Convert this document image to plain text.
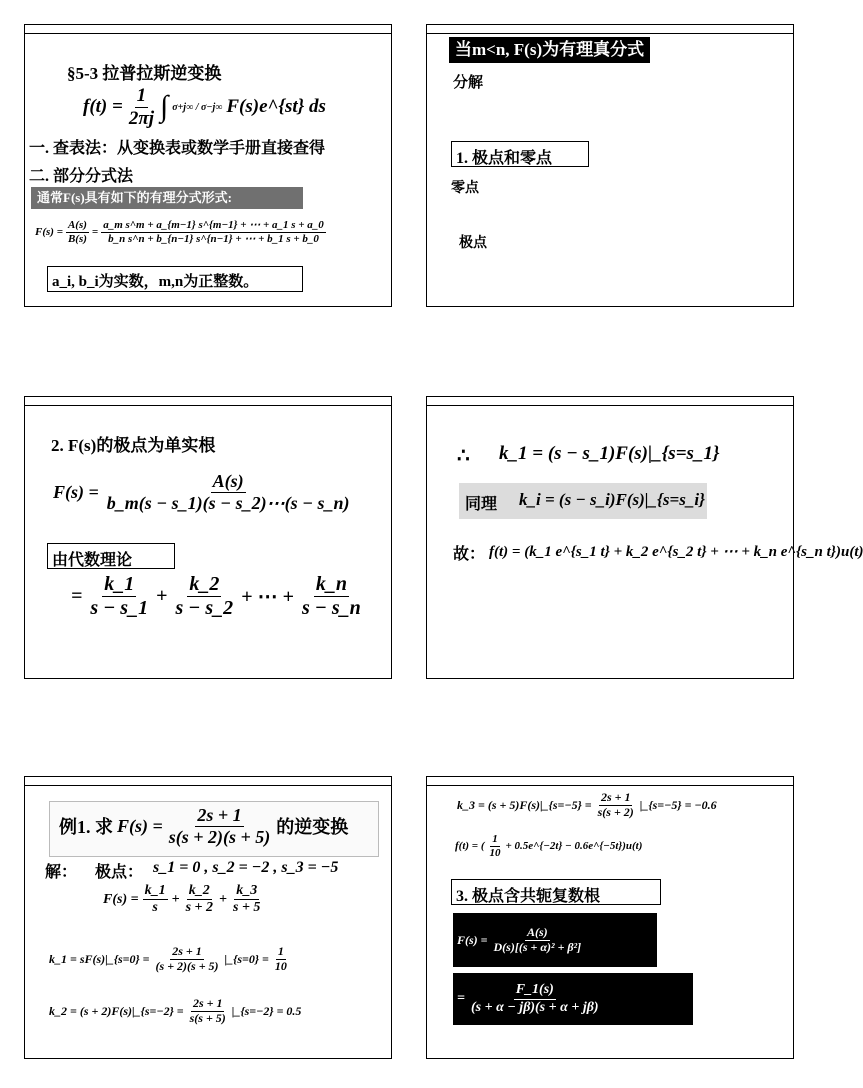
§5-3 拉普拉斯逆变换
$f(t) = \frac{1}{2\pi j}$ ∫ σ+j∞ / σ−j∞ F(s)e^{st} ds
一. 查表法：从变换表或数学手册直接查得
二. 部分分式法
通常F(s)具有如下的有理分式形式:
$F(s) = \frac{A(s)}{B(s)} = \frac{\text{a\_m s\textasciicircum{}m + a\_\{m−1\} s\textasciicircum{}\{m−1\} + ⋯ + a\_1 s + a\_0}}{\text{b\_n s\textasciicircum{}n + b\_\{n−1\} s\textasciicircum{}\{n−1\} + ⋯ + b\_1 s + b\_0}}$
a_i, b_i为实数，m,n为正整数。
当m<n, F(s)为有理真分式
分解
1. 极点和零点
零点
极点
2. F(s)的极点为单实根
$F(s) = \frac{A(s)}{b\_m(s - s\_1)(s - s\_2)\cdots(s - s\_n)}$
由代数理论
= $\frac{k\_1}{s - s\_1} + \frac{k\_2}{s - s\_2}$ + ⋯ + $\frac{k\_n}{s - s\_n}$
∴ k_1 = (s − s_1)F(s)|_{s=s_1}
同理 k_i = (s − s_i)F(s)|_{s=s_i}
故： f(t) = (k_1 e^{s_1 t} + k_2 e^{s_2 t} + ⋯ + k_n e^{s_n t})u(t)
例1. 求 $F(s) = \frac{2s + 1}{s(s + 2)(s + 5)}$ 的逆变换
解： 极点： s_1 = 0 , s_2 = −2 , s_3 = −5
$F(s) = \frac{k\_1}{s} + \frac{k\_2}{s + 2} + \frac{k\_3}{s + 5}$
k_1 = sF(s)|_{s=0} = $\frac{2s + 1}{(s + 2)(s + 5)}$ |_{s=0} = $\frac{1}{10}$
k_2 = (s + 2)F(s)|_{s=−2} = $\frac{2s + 1}{s(s + 5)}$ |_{s=−2} = 0.5
k_3 = (s + 5)F(s)|_{s=−5} = $\frac{2s + 1}{s(s + 2)}$ |_{s=−5} = −0.6
f(t) = ( $\frac{1}{10}$ + 0.5e^{−2t} − 0.6e^{−5t})u(t)
3. 极点含共轭复数根
$F(s) = \frac{A(s)}{\text{D(s)[(s + α)² + β²]}}$
= $\frac{F\_1(s)}{(s + \alpha - j\beta)(s + \alpha + j\beta)}$
